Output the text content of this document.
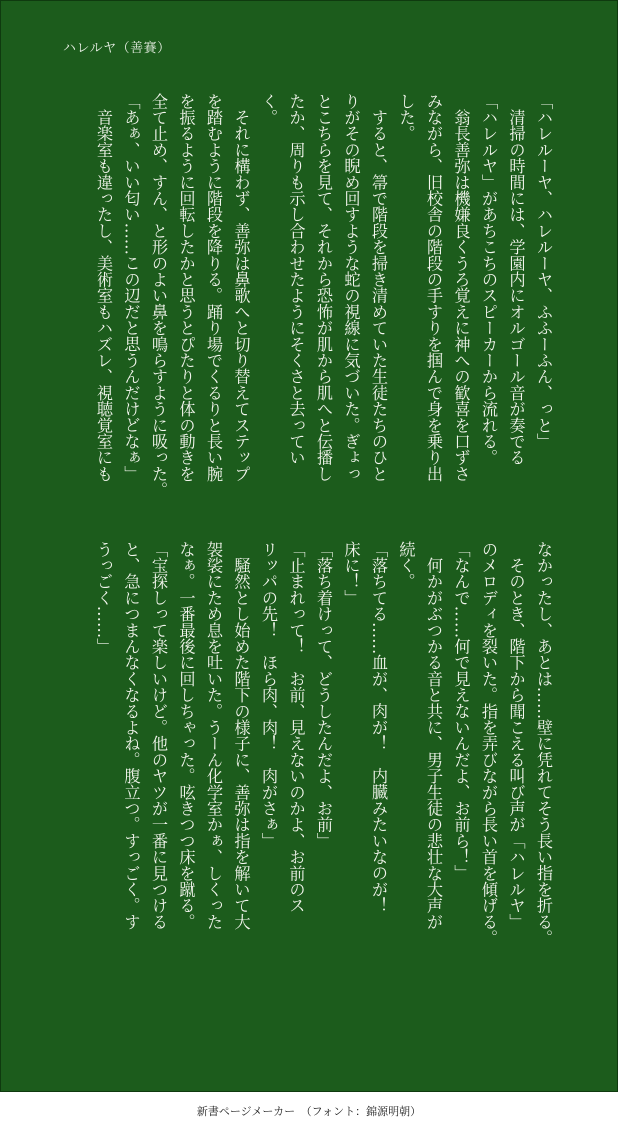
ハレルヤ（善賽）
「ハレルーヤ、ハレルーヤ、ふふーふん、っと」
　清掃の時間には、学園内にオルゴール音が奏でる
「ハレルヤ」があちこちのスピーカーから流れる。
　翁長善弥は機嫌良くうろ覚えに神への歓喜を口ずさ
みながら、旧校舎の階段の手すりを掴んで身を乗り出
した。
　すると、箒で階段を掃き清めていた生徒たちのひと
りがその睨め回すような蛇の視線に気づいた。ぎょっ
とこちらを見て、それから恐怖が肌から肌へと伝播し
たか、周りも示し合わせたようにそくさと去ってい
く。
　それに構わず、善弥は鼻歌へと切り替えてステップ
を踏むように階段を降りる。踊り場でくるりと長い腕
を振るように回転したかと思うとぴたりと体の動きを
全て止め、すん、と形のよい鼻を鳴らすように吸った。
「あぁ、いい匂い……この辺だと思うんだけどなぁ」
　音楽室も違ったし、美術室もハズレ、視聴覚室にも
なかったし、あとは……壁に凭れてそう長い指を折る。
　そのとき、階下から聞こえる叫び声が「ハレルヤ」
のメロディを裂いた。指を弄びながら長い首を傾げる。
「なんで……何で見えないんだよ、お前ら！」
　何かがぶつかる音と共に、男子生徒の悲壮な大声が
続く。
「落ちてる……血が、肉が！　内臓みたいなのが！
床に！」
「落ち着けって、どうしたんだよ、お前」
「止まれって！　お前、見えないのかよ、お前のス
リッパの先！　ほら肉、肉！　肉がさぁ」
　騒然とし始めた階下の様子に、善弥は指を解いて大
袈裟にため息を吐いた。うーん化学室かぁ、しくった
なぁ。一番最後に回しちゃった。呟きつつ床を蹴る。
「宝探しって楽しいけど。他のヤツが一番に見つける
と、急につまんなくなるよね。腹立つ。すっごく。す
うっごく……」
新書ページメーカー　（フォント：錦源明朝）
